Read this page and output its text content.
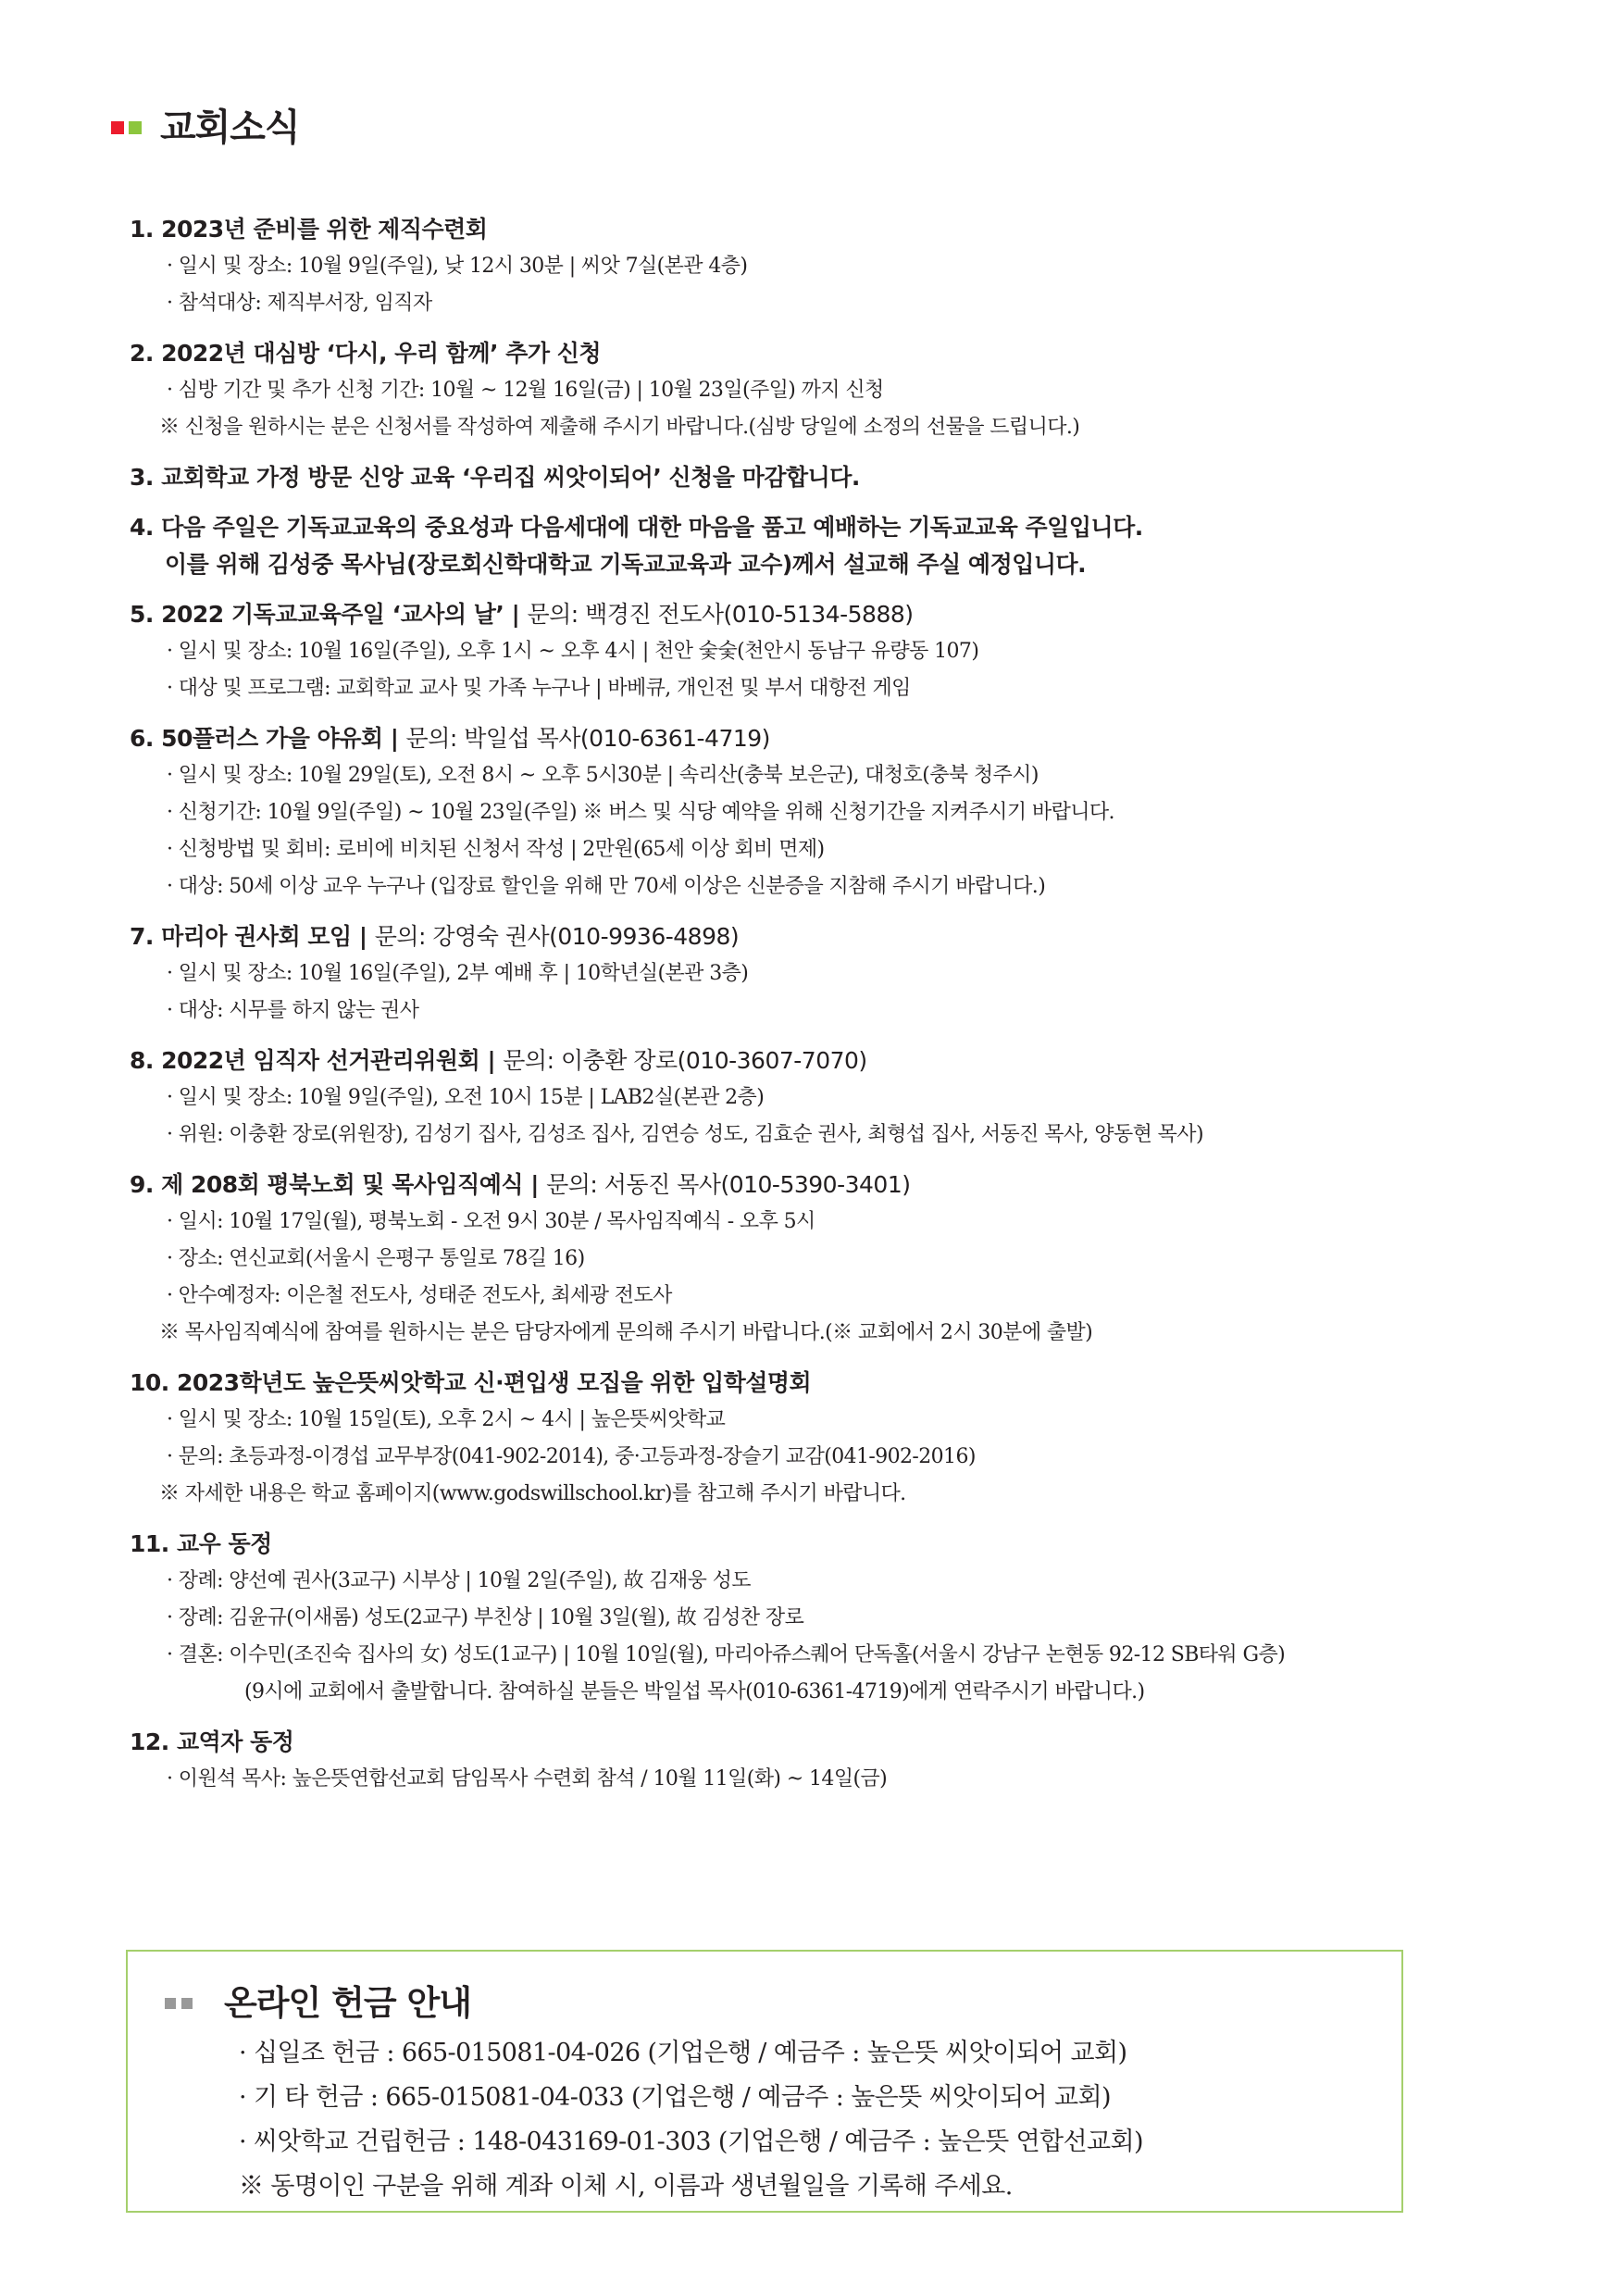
교회소식
1. 2023년 준비를 위한 제직수련회
· 일시 및 장소: 10월 9일(주일), 낮 12시 30분 | 씨앗 7실(본관 4층)
· 참석대상: 제직부서장, 임직자
2. 2022년 대심방 ‘다시, 우리 함께’ 추가 신청
· 심방 기간 및 추가 신청 기간: 10월 ~ 12월 16일(금) | 10월 23일(주일) 까지 신청
※ 신청을 원하시는 분은 신청서를 작성하여 제출해 주시기 바랍니다.(심방 당일에 소정의 선물을 드립니다.)
3. 교회학교 가정 방문 신앙 교육 ‘우리집 씨앗이되어’ 신청을 마감합니다.
4. 다음 주일은 기독교교육의 중요성과 다음세대에 대한 마음을 품고 예배하는 기독교교육 주일입니다.
이를 위해 김성중 목사님(장로회신학대학교 기독교교육과 교수)께서 설교해 주실 예정입니다.
5. 2022 기독교교육주일 ‘교사의 날’ | 문의: 백경진 전도사(010-5134-5888)
· 일시 및 장소: 10월 16일(주일), 오후 1시 ~ 오후 4시 | 천안 숯숯(천안시 동남구 유량동 107)
· 대상 및 프로그램: 교회학교 교사 및 가족 누구나 | 바베큐, 개인전 및 부서 대항전 게임
6. 50플러스 가을 야유회 | 문의: 박일섭 목사(010-6361-4719)
· 일시 및 장소: 10월 29일(토), 오전 8시 ~ 오후 5시30분 | 속리산(충북 보은군), 대청호(충북 청주시)
· 신청기간: 10월 9일(주일) ~ 10월 23일(주일) ※ 버스 및 식당 예약을 위해 신청기간을 지켜주시기 바랍니다.
· 신청방법 및 회비: 로비에 비치된 신청서 작성 | 2만원(65세 이상 회비 면제)
· 대상: 50세 이상 교우 누구나 (입장료 할인을 위해 만 70세 이상은 신분증을 지참해 주시기 바랍니다.)
7. 마리아 권사회 모임 | 문의: 강영숙 권사(010-9936-4898)
· 일시 및 장소: 10월 16일(주일), 2부 예배 후 | 10학년실(본관 3층)
· 대상: 시무를 하지 않는 권사
8. 2022년 임직자 선거관리위원회 | 문의: 이충환 장로(010-3607-7070)
· 일시 및 장소: 10월 9일(주일), 오전 10시 15분 | LAB2실(본관 2층)
· 위원: 이충환 장로(위원장), 김성기 집사, 김성조 집사, 김연승 성도, 김효순 권사, 최형섭 집사, 서동진 목사, 양동현 목사)
9. 제 208회 평북노회 및 목사임직예식 | 문의: 서동진 목사(010-5390-3401)
· 일시: 10월 17일(월), 평북노회 - 오전 9시 30분 / 목사임직예식 - 오후 5시
· 장소: 연신교회(서울시 은평구 통일로 78길 16)
· 안수예정자: 이은철 전도사, 성태준 전도사, 최세광 전도사
※ 목사임직예식에 참여를 원하시는 분은 담당자에게 문의해 주시기 바랍니다.(※ 교회에서 2시 30분에 출발)
10. 2023학년도 높은뜻씨앗학교 신·편입생 모집을 위한 입학설명회
· 일시 및 장소: 10월 15일(토), 오후 2시 ~ 4시 | 높은뜻씨앗학교
· 문의: 초등과정-이경섭 교무부장(041-902-2014), 중·고등과정-장슬기 교감(041-902-2016)
※ 자세한 내용은 학교 홈페이지(www.godswillschool.kr)를 참고해 주시기 바랍니다.
11. 교우 동정
· 장례: 양선예 권사(3교구) 시부상 | 10월 2일(주일), 故 김재웅 성도
· 장례: 김윤규(이새롬) 성도(2교구) 부친상 | 10월 3일(월), 故 김성찬 장로
· 결혼: 이수민(조진숙 집사의 女) 성도(1교구) | 10월 10일(월), 마리아쥬스퀘어 단독홀(서울시 강남구 논현동 92-12 SB타워 G층)
(9시에 교회에서 출발합니다. 참여하실 분들은 박일섭 목사(010-6361-4719)에게 연락주시기 바랍니다.)
12. 교역자 동정
· 이원석 목사: 높은뜻연합선교회 담임목사 수련회 참석 / 10월 11일(화) ~ 14일(금)
온라인 헌금 안내
· 십일조 헌금 : 665-015081-04-026 (기업은행 / 예금주 : 높은뜻 씨앗이되어 교회)
· 기 타 헌금 : 665-015081-04-033 (기업은행 / 예금주 : 높은뜻 씨앗이되어 교회)
· 씨앗학교 건립헌금 : 148-043169-01-303 (기업은행 / 예금주 : 높은뜻 연합선교회)
※ 동명이인 구분을 위해 계좌 이체 시, 이름과 생년월일을 기록해 주세요.
